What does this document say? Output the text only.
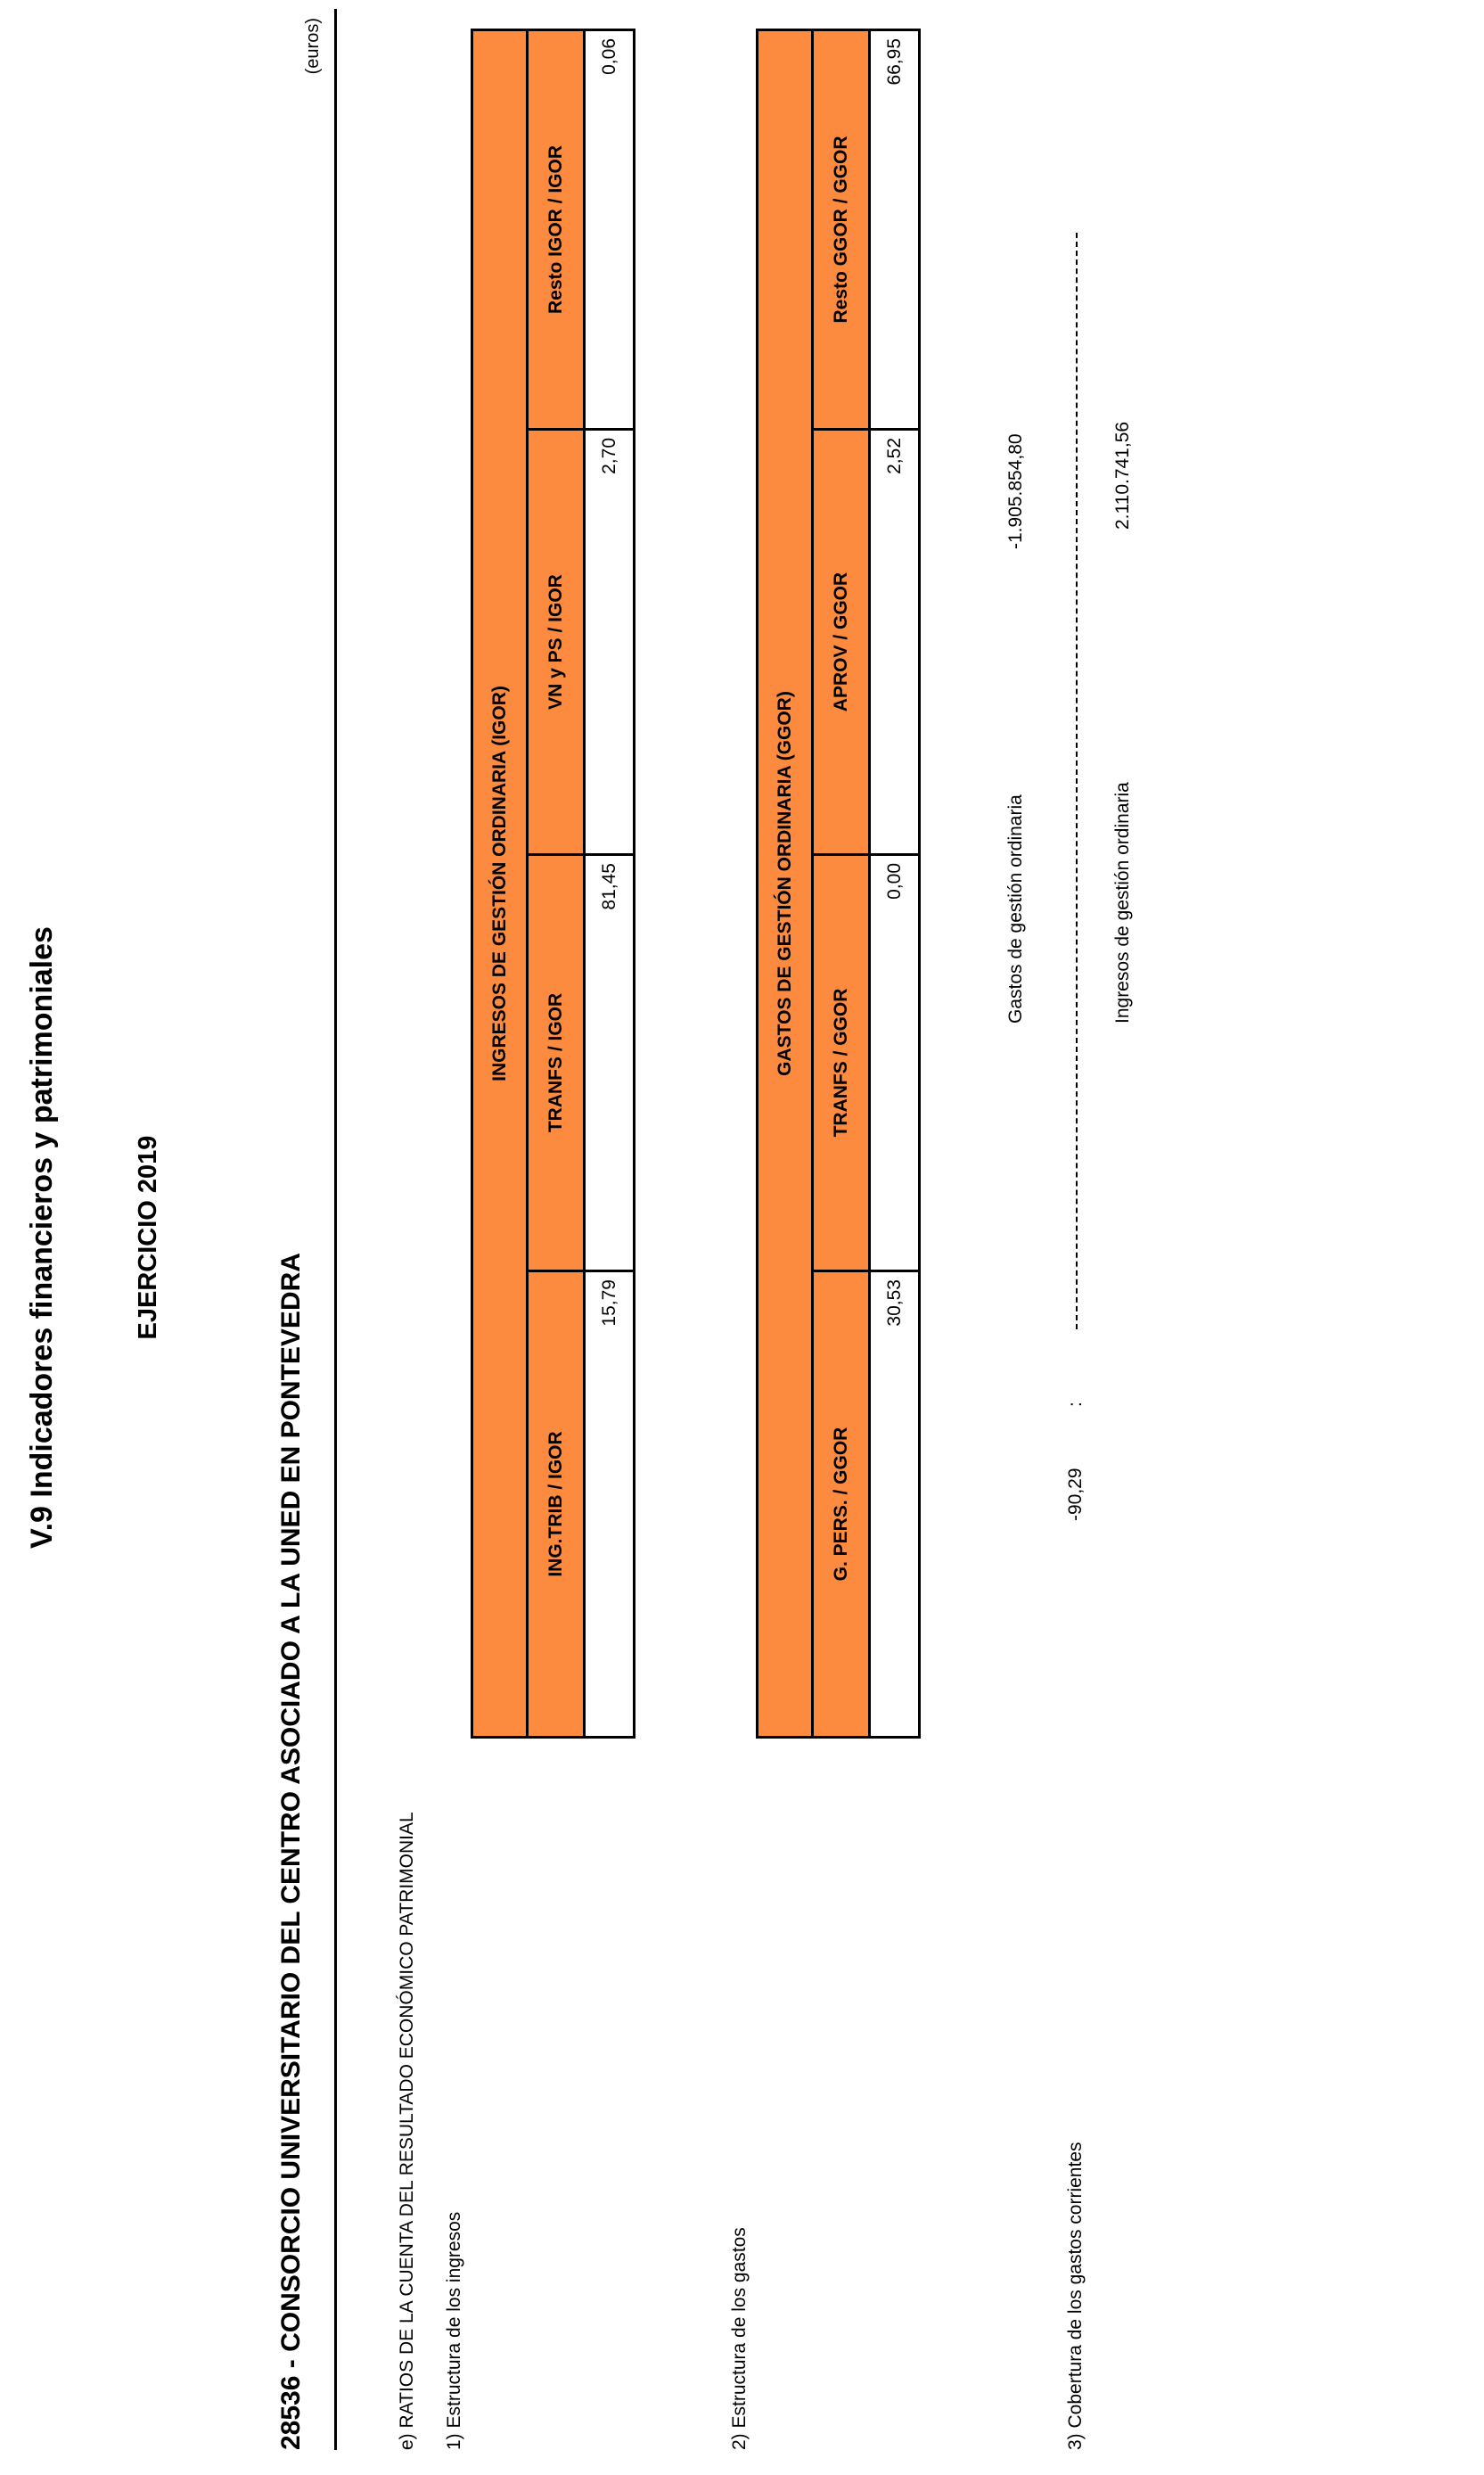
V.9 Indicadores financieros y patrimoniales	EJERCICIO 2019
28536 - CONSORCIO UNIVERSITARIO DEL CENTRO ASOCIADO A LA UNED EN PONTEVEDRA
(euros)
e) RATIOS DE LA CUENTA DEL RESULTADO ECONÓMICO PATRIMONIAL 1) Estructura de los ingresos
INGRESOS DE GESTIÓN ORDINARIA (IGOR)			
ING.TRIB / IGOR	TRANFS / IGOR	VN y PS / IGOR	Resto IGOR / IGOR
15,79	81,45	2,70	0,06
2) Estructura de los gastos
GASTOS DE GESTIÓN ORDINARIA (GGOR)			
G. PERS. / GGOR	TRANFS / GGOR	APROV / GGOR	Resto GGOR / GGOR
30,53	0,00	2,52	66,95
Gastos de gestión ordinaria
-1.905.854,80
3) Cobertura de los gastos corrientes
-90,29
:
Ingresos de gestión ordinaria
2.110.741,56
